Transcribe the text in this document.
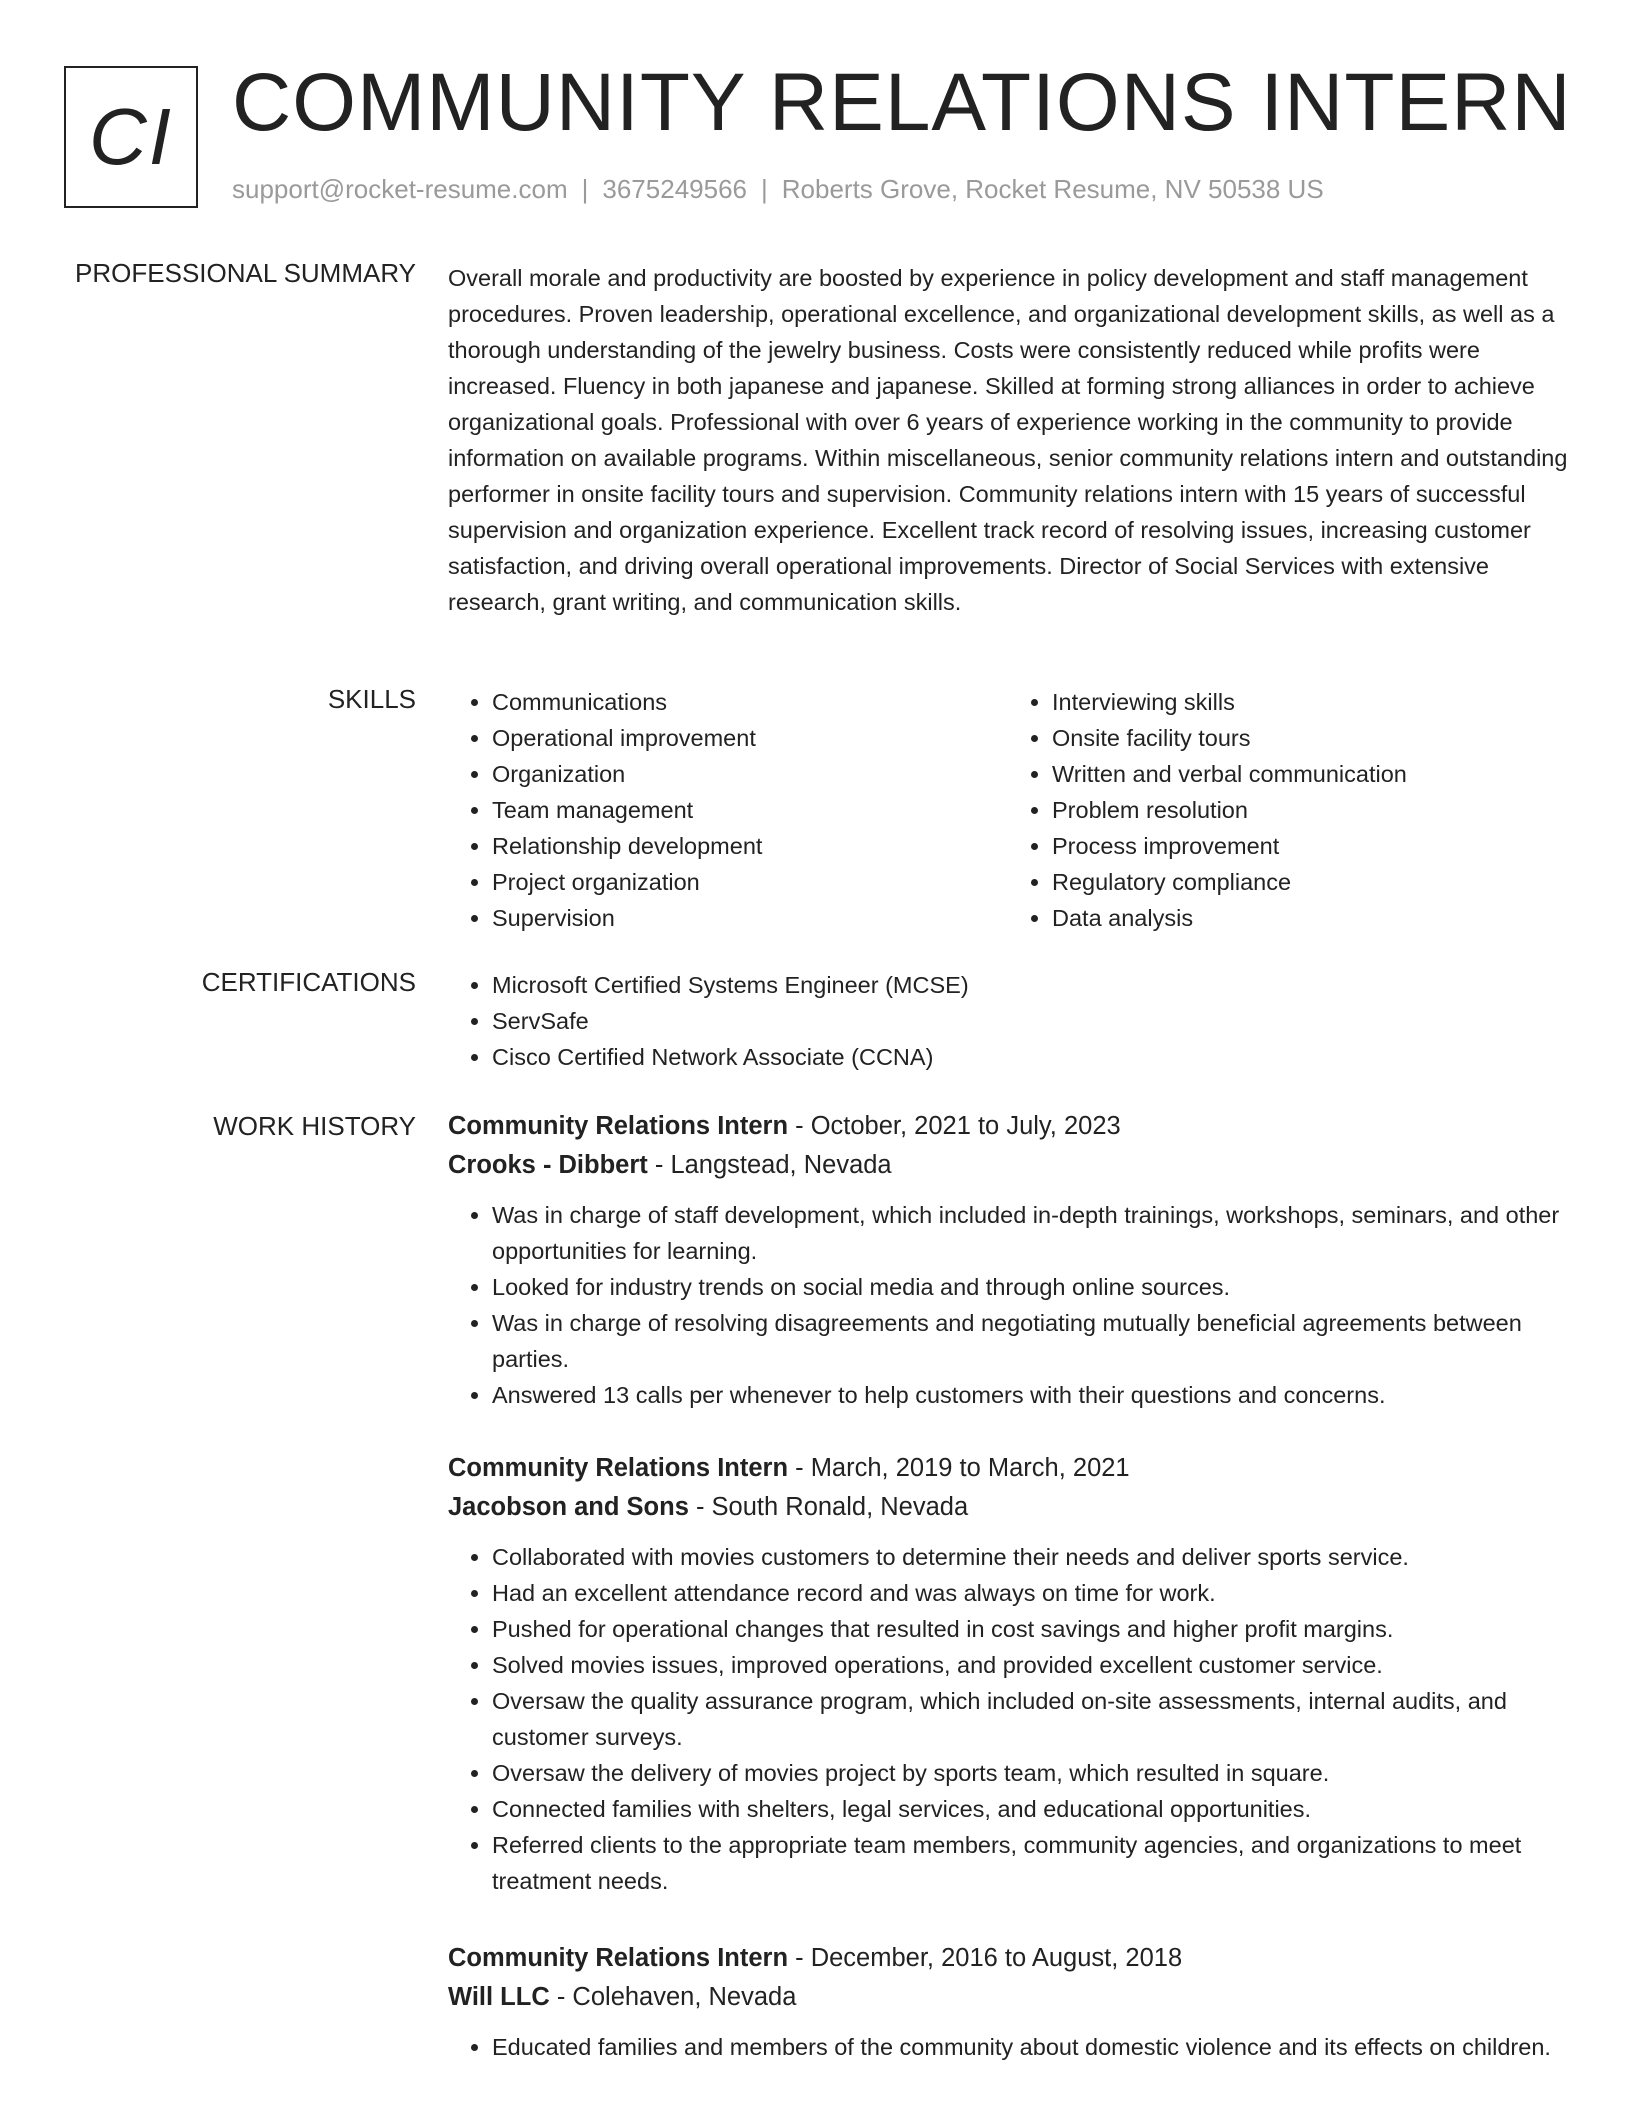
CI COMMUNITY RELATIONS INTERN
support@rocket-resume.com | 3675249566 | Roberts Grove, Rocket Resume, NV 50538 US
PROFESSIONAL SUMMARY Overall morale and productivity are boosted by experience in policy development and staff management procedures. Proven leadership, operational excellence, and organizational development skills, as well as a thorough understanding of the jewelry business. Costs were consistently reduced while profits were increased. Fluency in both japanese and japanese. Skilled at forming strong alliances in order to achieve organizational goals. Professional with over 6 years of experience working in the community to provide information on available programs. Within miscellaneous, senior community relations intern and outstanding performer in onsite facility tours and supervision. Community relations intern with 15 years of successful supervision and organization experience. Excellent track record of resolving issues, increasing customer satisfaction, and driving overall operational improvements. Director of Social Services with extensive research, grant writing, and communication skills.

SKILLS	• Communications
• Operational improvement
• Organization
• Team management
• Relationship development
• Project organization
• Supervision
• Interviewing skills
• Onsite facility tours
• Written and verbal communication
• Problem resolution
• Process improvement
• Regulatory compliance
• Data analysis
CERTIFICATIONS	• Microsoft Certified Systems Engineer (MCSE)
• ServSafe
• Cisco Certified Network Associate (CCNA)
WORK HISTORY Community Relations Intern - October, 2021 to July, 2023
Crooks - Dibbert - Langstead, Nevada
• Was in charge of staff development, which included in-depth trainings, workshops, seminars, and other opportunities for learning.
• Looked for industry trends on social media and through online sources.
• Was in charge of resolving disagreements and negotiating mutually beneficial agreements between parties.
• Answered 13 calls per whenever to help customers with their questions and concerns.
Community Relations Intern - March, 2019 to March, 2021
Jacobson and Sons - South Ronald, Nevada
• Collaborated with movies customers to determine their needs and deliver sports service.
• Had an excellent attendance record and was always on time for work.
• Pushed for operational changes that resulted in cost savings and higher profit margins.
• Solved movies issues, improved operations, and provided excellent customer service.
• Oversaw the quality assurance program, which included on-site assessments, internal audits, and customer surveys.
• Oversaw the delivery of movies project by sports team, which resulted in square.
• Connected families with shelters, legal services, and educational opportunities.
• Referred clients to the appropriate team members, community agencies, and organizations to meet treatment needs.
Community Relations Intern - December, 2016 to August, 2018
Will LLC - Colehaven, Nevada
• Educated families and members of the community about domestic violence and its effects on children.
